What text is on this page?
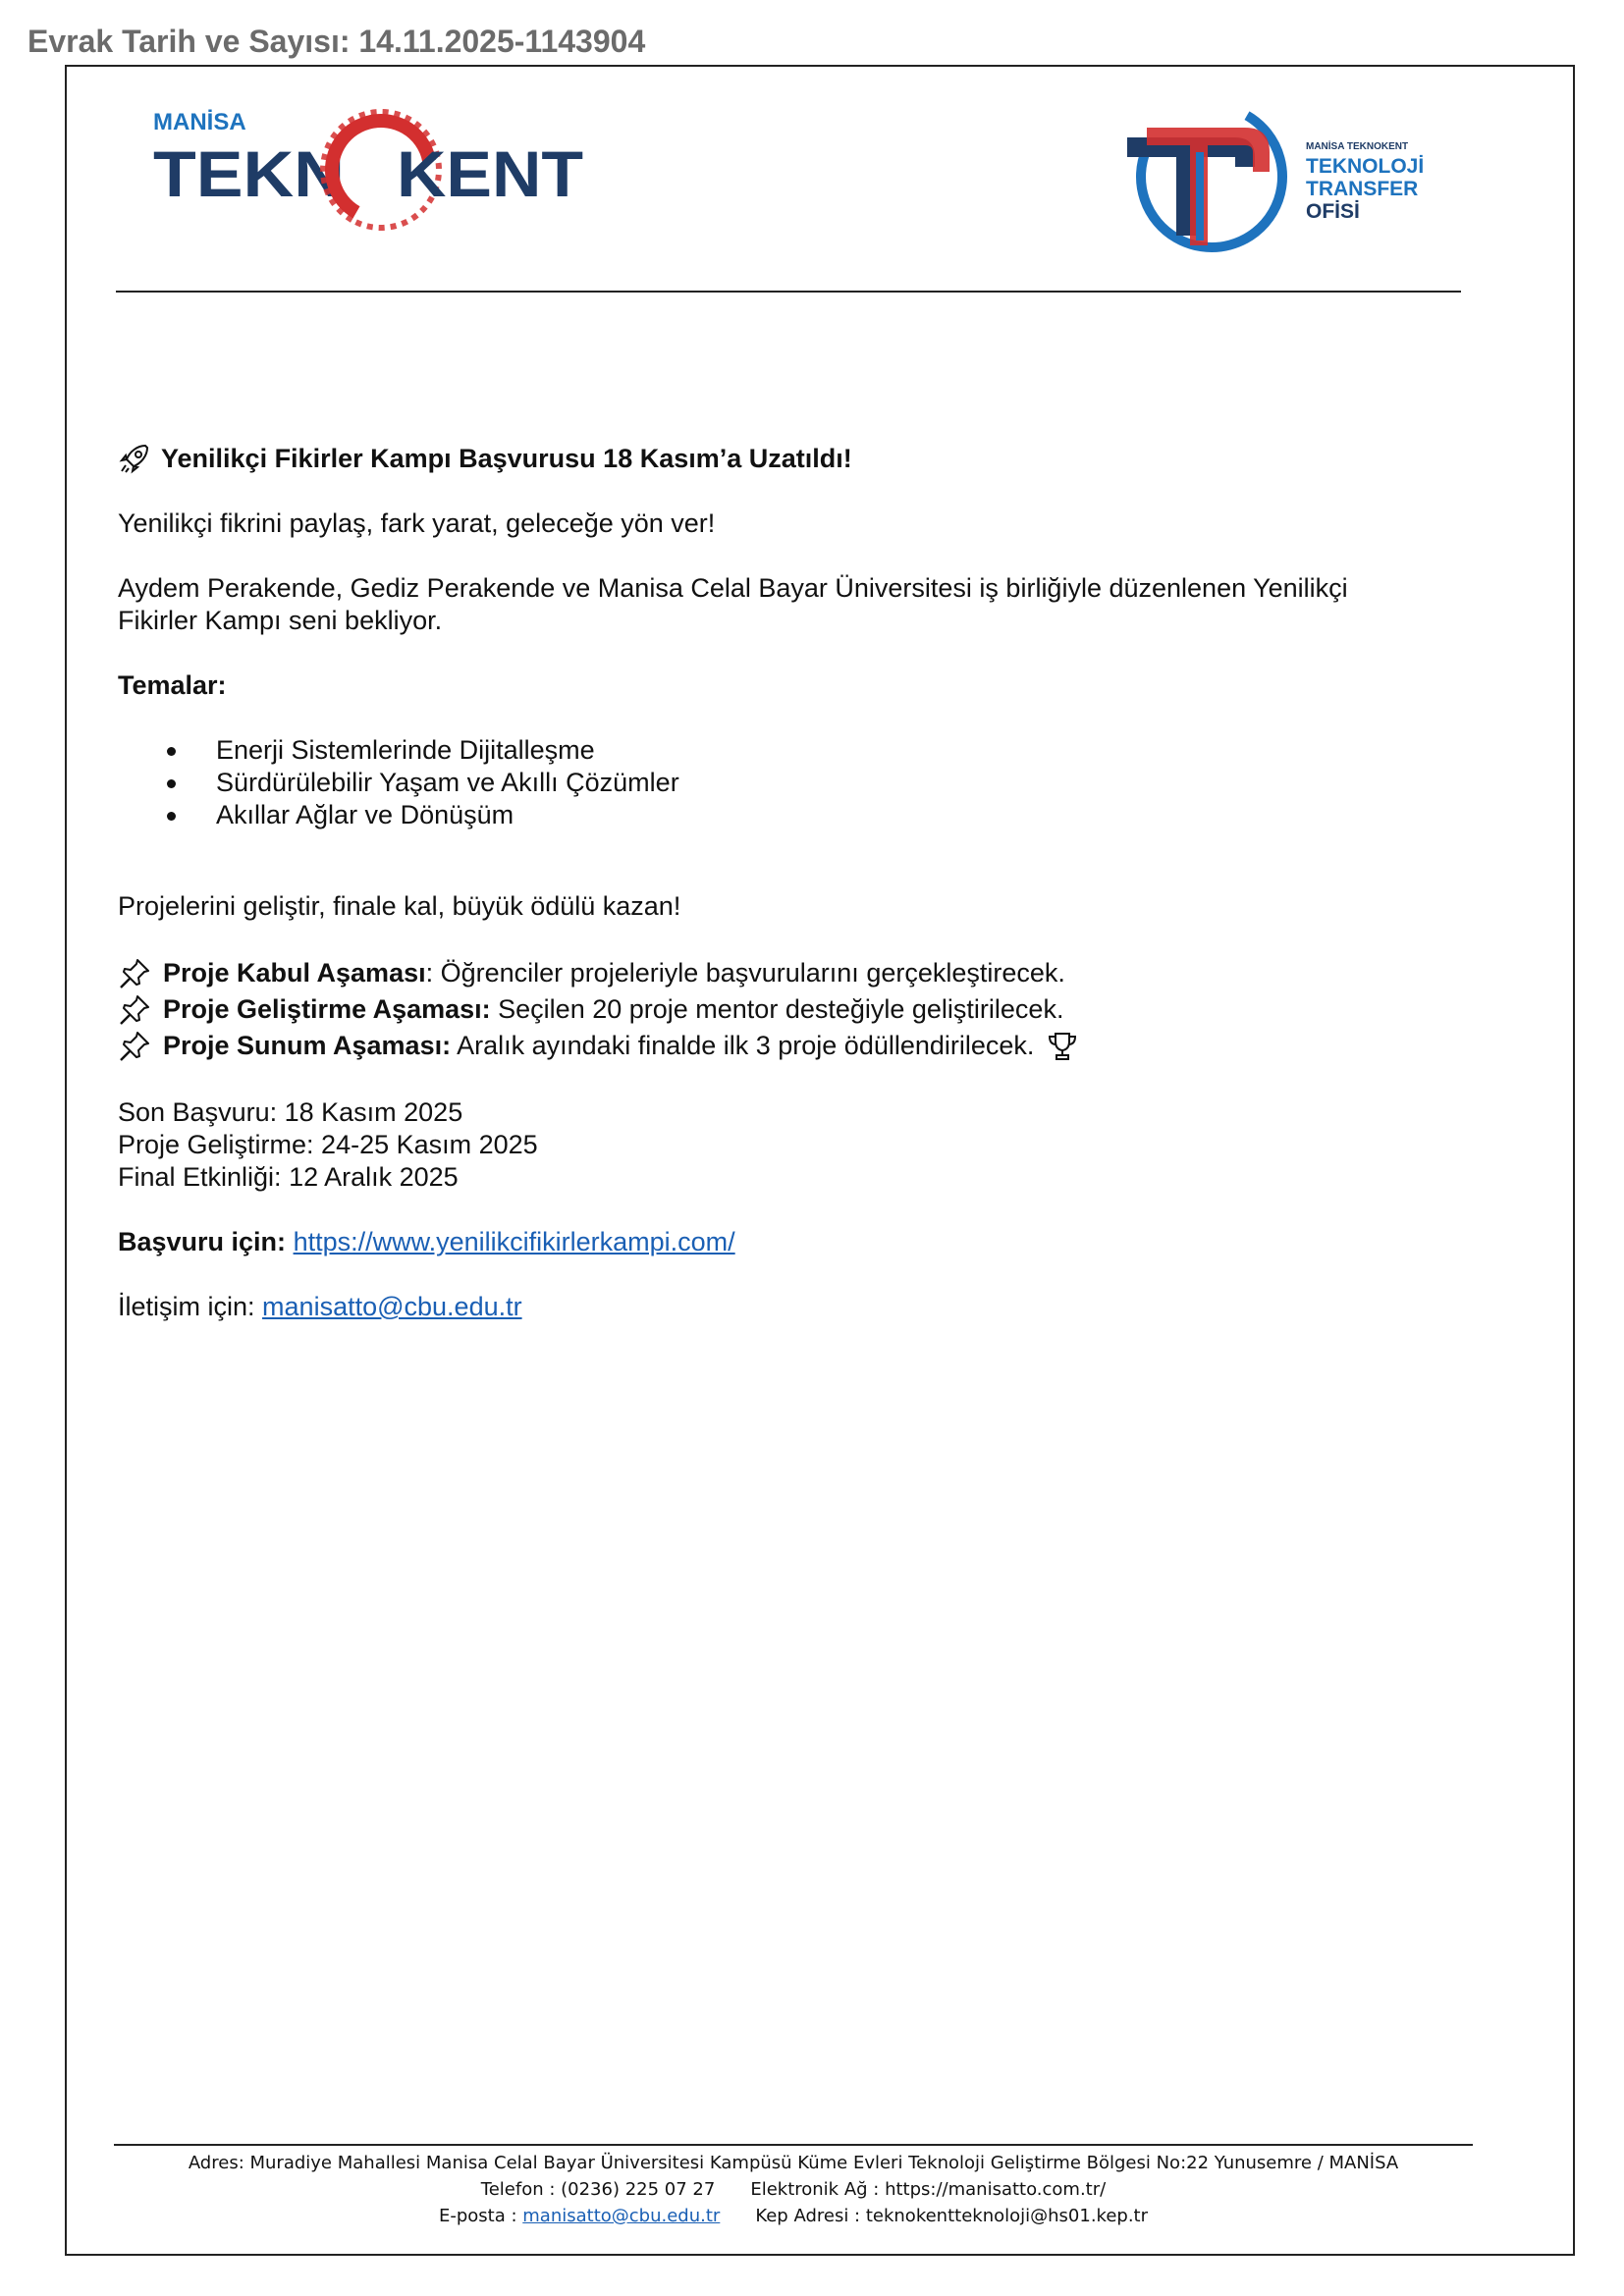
Evrak Tarih ve Sayısı: 14.11.2025-1143904
MANİSA
TEKN KENT	MANİSA TEKNOKENT
TEKNOLOJİ
TRANSFER
OFİSİ

Yenilikçi Fikirler Kampı Başvurusu 18 Kasım’a Uzatıldı!

Yenilikçi fikrini paylaş, fark yarat, geleceğe yön ver!

Aydem Perakende, Gediz Perakende ve Manisa Celal Bayar Üniversitesi iş birliğiyle düzenlenen Yenilikçi Fikirler Kampı seni bekliyor.

Temalar:

Enerji Sistemlerinde Dijitalleşme
Sürdürülebilir Yaşam ve Akıllı Çözümler
Akıllar Ağlar ve Dönüşüm

Projelerini geliştir, finale kal, büyük ödülü kazan!

Proje Kabul Aşaması: Öğrenciler projeleriyle başvurularını gerçekleştirecek.
Proje Geliştirme Aşaması: Seçilen 20 proje mentor desteğiyle geliştirilecek.
Proje Sunum Aşaması: Aralık ayındaki finalde ilk 3 proje ödüllendirilecek.

Son Başvuru: 18 Kasım 2025

Proje Geliştirme: 24-25 Kasım 2025

Final Etkinliği: 12 Aralık 2025

Başvuru için: https://www.yenilikcifikirlerkampi.com/

İletişim için: manisatto@cbu.edu.tr

Adres: Muradiye Mahallesi Manisa Celal Bayar Üniversitesi Kampüsü Küme Evleri Teknoloji Geliştirme Bölgesi No:22 Yunusemre / MANİSA
Telefon : (0236) 225 07 27 Elektronik Ağ : https://manisatto.com.tr/
E-posta : manisatto@cbu.edu.tr Kep Adresi : teknokentteknoloji@hs01.kep.tr
